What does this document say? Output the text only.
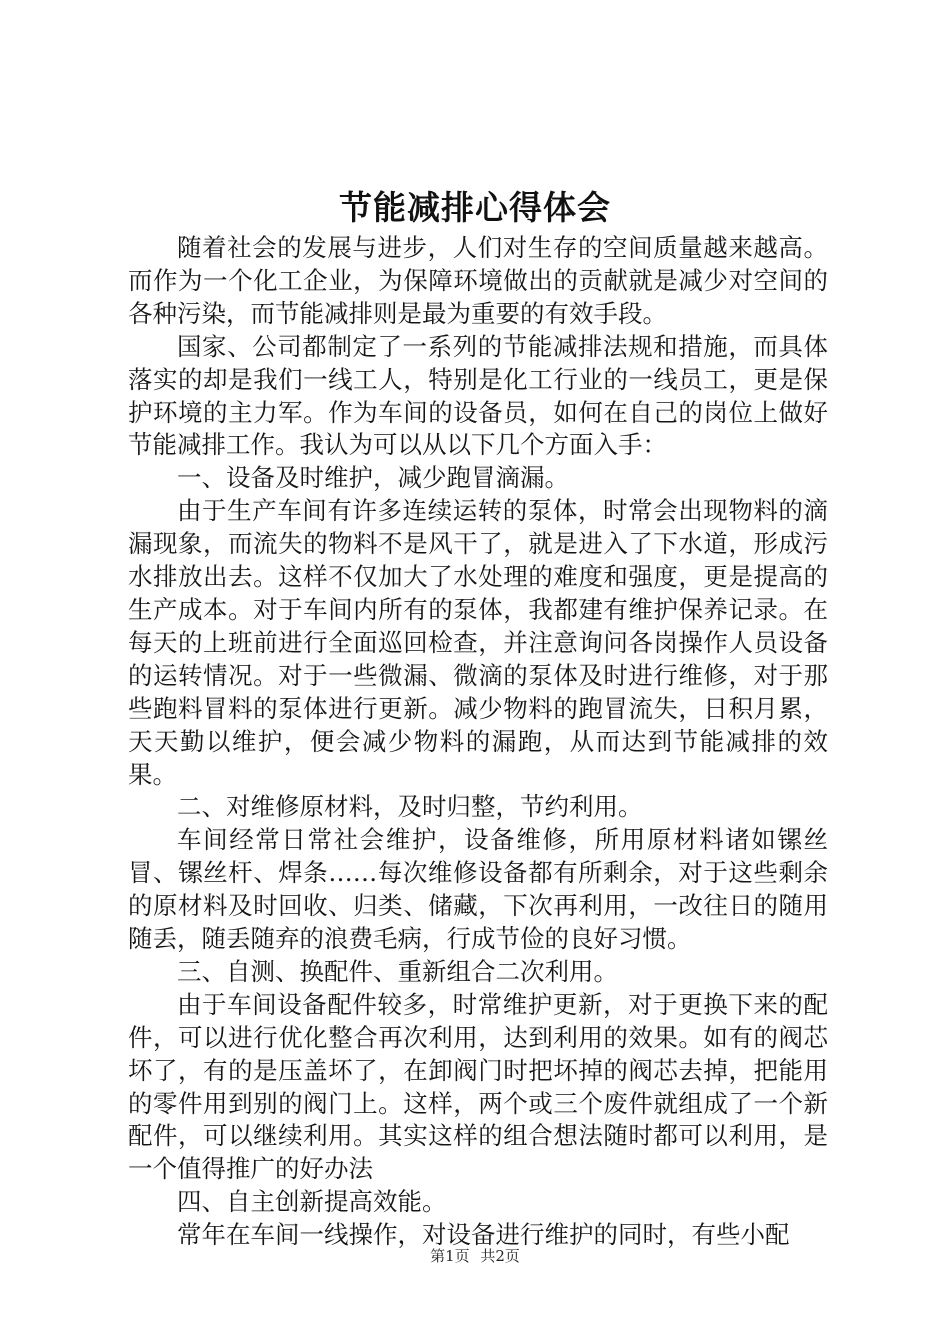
节能减排心得体会

随着社会的发展与进步，人们对生存的空间质量越来越高。而作为一个化工企业，为保障环境做出的贡献就是减少对空间的各种污染，而节能减排则是最为重要的有效手段。

国家、公司都制定了一系列的节能减排法规和措施，而具体落实的却是我们一线工人，特别是化工行业的一线员工，更是保护环境的主力军。作为车间的设备员，如何在自己的岗位上做好节能减排工作。我认为可以从以下几个方面入手：

一、设备及时维护，减少跑冒滴漏。

由于生产车间有许多连续运转的泵体，时常会出现物料的滴漏现象，而流失的物料不是风干了，就是进入了下水道，形成污水排放出去。这样不仅加大了水处理的难度和强度，更是提高的生产成本。对于车间内所有的泵体，我都建有维护保养记录。在每天的上班前进行全面巡回检查，并注意询问各岗操作人员设备的运转情况。对于一些微漏、微滴的泵体及时进行维修，对于那些跑料冒料的泵体进行更新。减少物料的跑冒流失，日积月累，天天勤以维护，便会减少物料的漏跑，从而达到节能减排的效果。

二、对维修原材料，及时归整，节约利用。

车间经常日常社会维护，设备维修，所用原材料诸如镙丝冒、镙丝杆、焊条……每次维修设备都有所剩余，对于这些剩余的原材料及时回收、归类、储藏，下次再利用，一改往日的随用随丢，随丢随弃的浪费毛病，行成节俭的良好习惯。

三、自测、换配件、重新组合二次利用。

由于车间设备配件较多，时常维护更新，对于更换下来的配件，可以进行优化整合再次利用，达到利用的效果。如有的阀芯坏了，有的是压盖坏了，在卸阀门时把坏掉的阀芯去掉，把能用的零件用到别的阀门上。这样，两个或三个废件就组成了一个新配件，可以继续利用。其实这样的组合想法随时都可以利用，是一个值得推广的好办法

四、自主创新提高效能。

常年在车间一线操作，对设备进行维护的同时，有些小配

第1页 共2页
